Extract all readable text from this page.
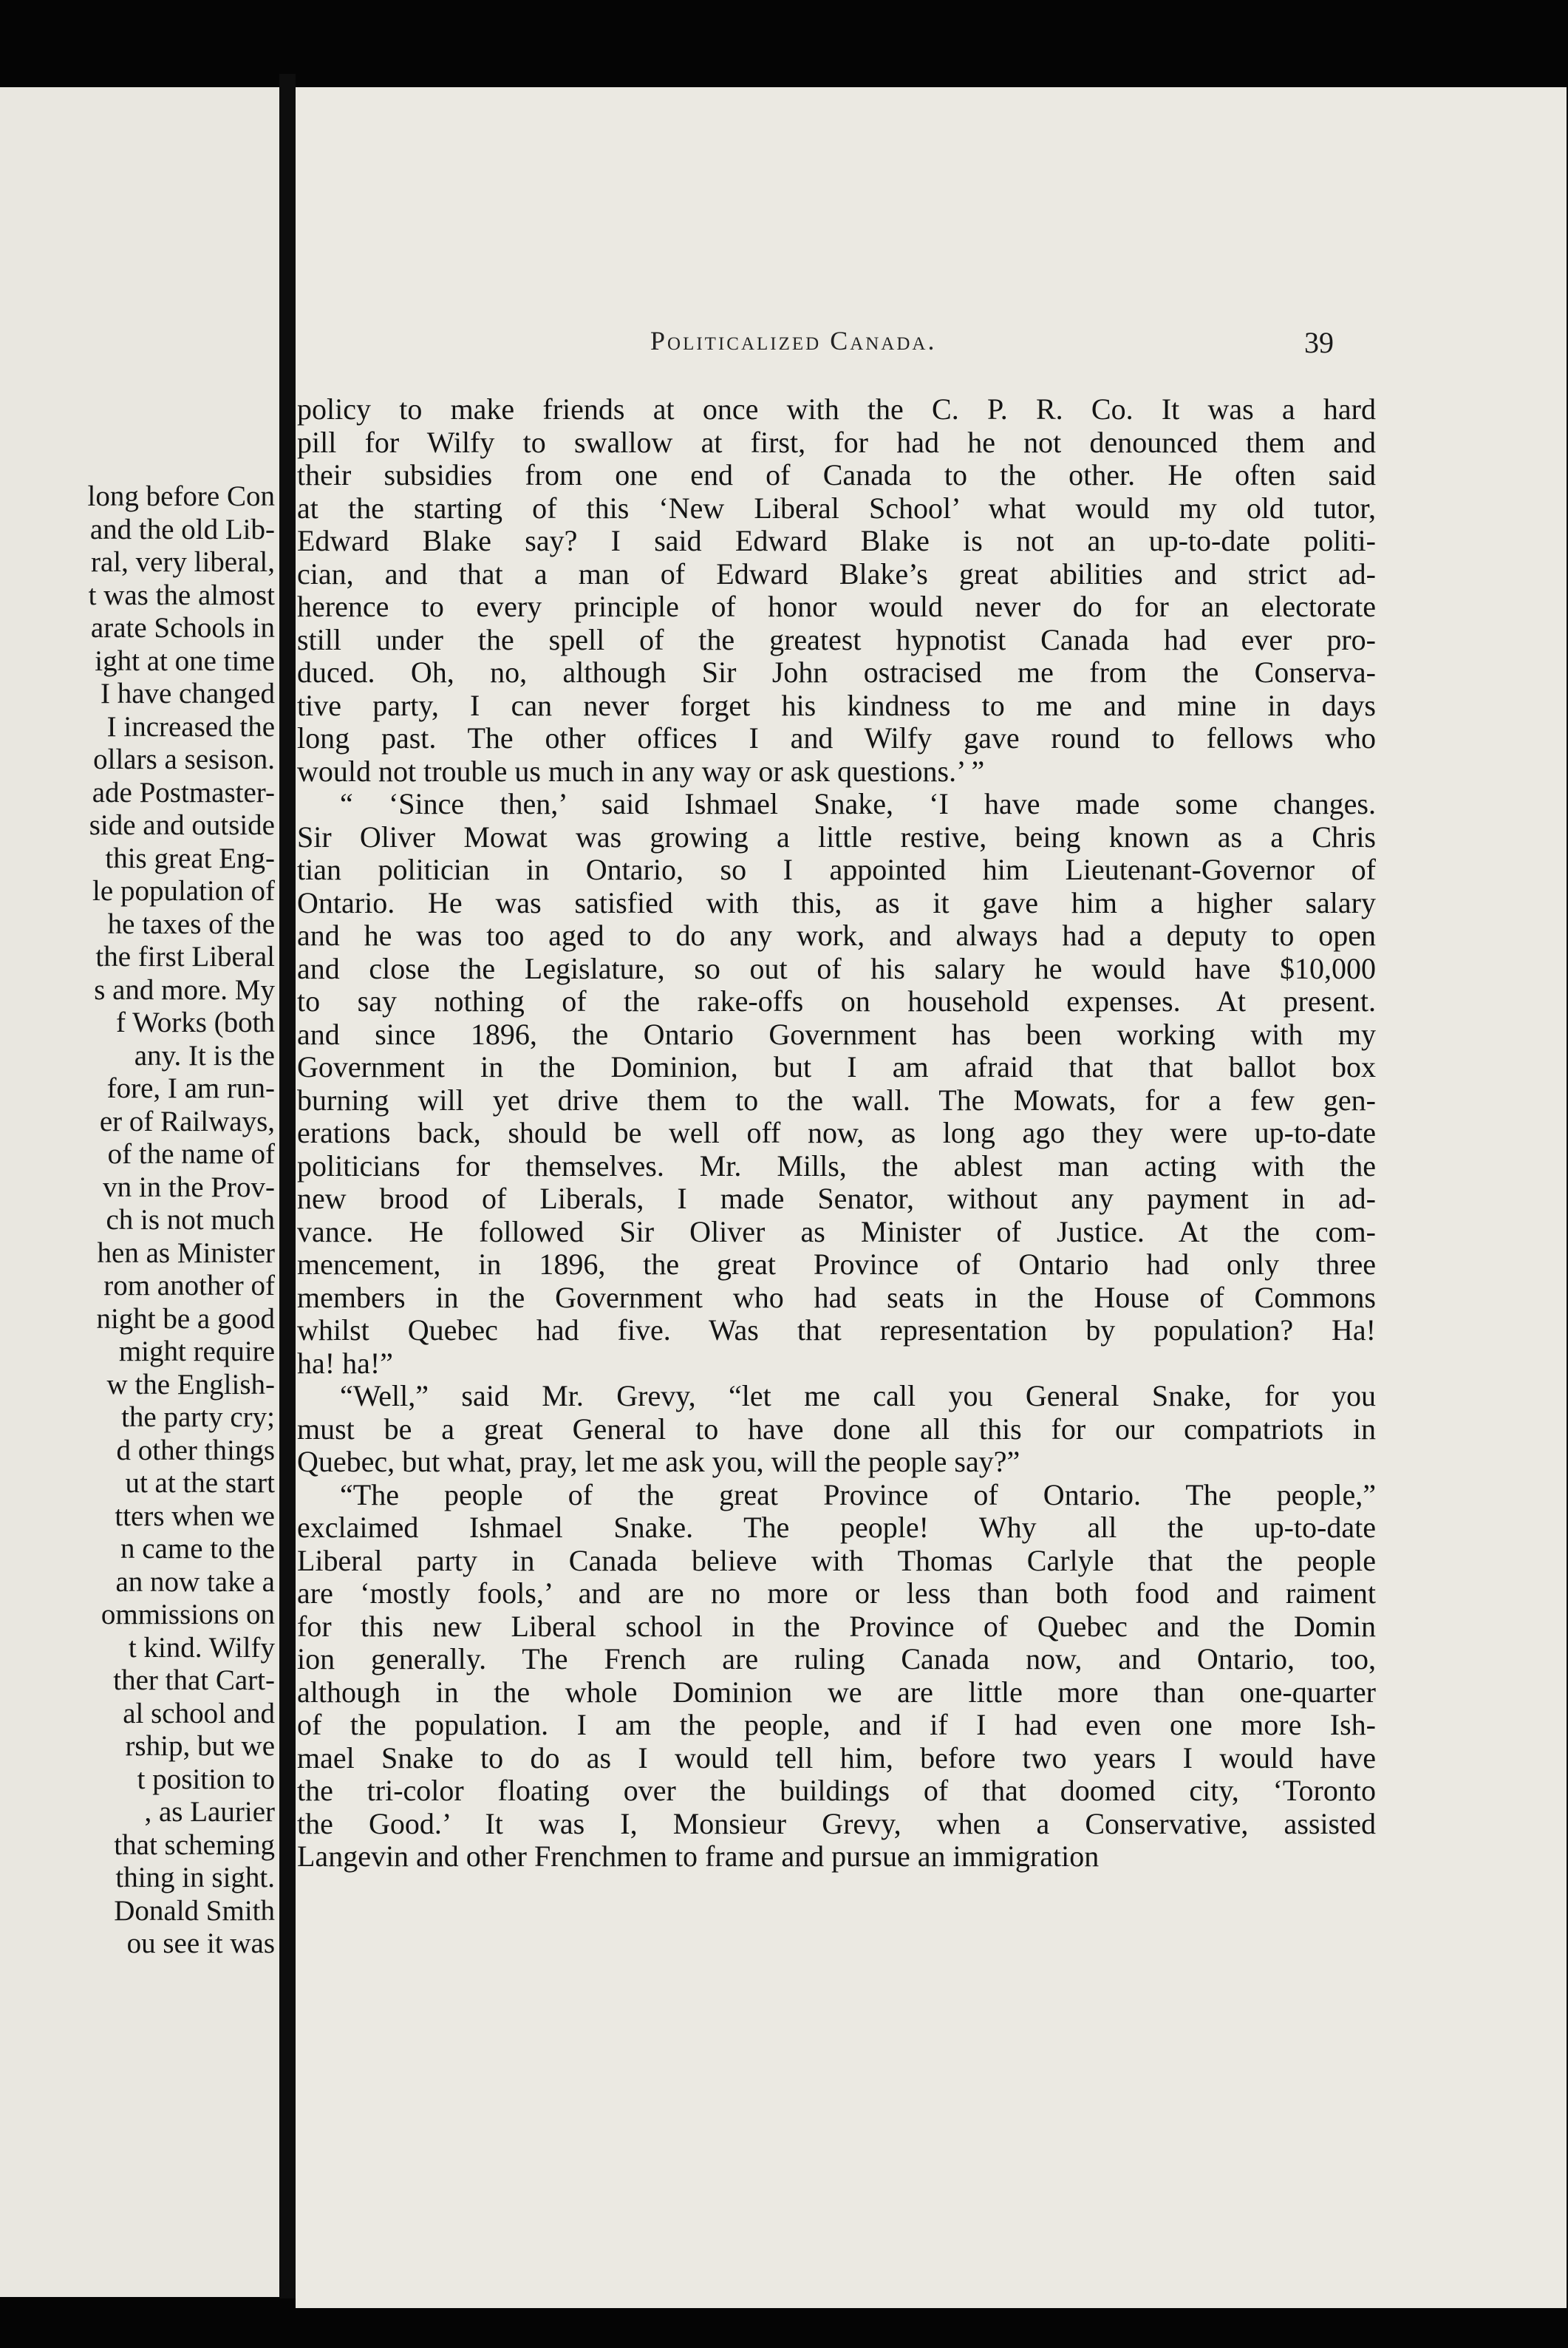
long before Con
and the old Lib-
ral, very liberal,
t was the almost
arate Schools in
ight at one time
I have changed
I increased the
ollars a sesison.
ade Postmaster-
side and outside
this great Eng-
le population of
he taxes of the
the first Liberal
s and more. My
f Works (both
any. It is the
fore, I am run-
er of Railways,
of the name of
vn in the Prov-
ch is not much
hen as Minister
rom another of
night be a good
might require
w the English-
the party cry;
d other things
ut at the start
tters when we
n came to the
an now take a
ommissions on
t kind. Wilfy
ther that Cart-
al school and
rship, but we
t position to
, as Laurier
that scheming
thing in sight.
Donald Smith
ou see it was
Politicalized Canada.	39
policy to make friends at once with the C. P. R. Co. It was a hard
pill for Wilfy to swallow at first, for had he not denounced them and
their subsidies from one end of Canada to the other. He often said
at the starting of this ‘New Liberal School’ what would my old tutor,
Edward Blake say? I said Edward Blake is not an up-to-date politi-
cian, and that a man of Edward Blake’s great abilities and strict ad-
herence to every principle of honor would never do for an electorate
still under the spell of the greatest hypnotist Canada had ever pro-
duced. Oh, no, although Sir John ostracised me from the Conserva-
tive party, I can never forget his kindness to me and mine in days
long past. The other offices I and Wilfy gave round to fellows who
would not trouble us much in any way or ask questions.’ ”
“ ‘Since then,’ said Ishmael Snake, ‘I have made some changes.
Sir Oliver Mowat was growing a little restive, being known as a Chris
tian politician in Ontario, so I appointed him Lieutenant-Governor of
Ontario. He was satisfied with this, as it gave him a higher salary
and he was too aged to do any work, and always had a deputy to open
and close the Legislature, so out of his salary he would have $10,000
to say nothing of the rake-offs on household expenses. At present.
and since 1896, the Ontario Government has been working with my
Government in the Dominion, but I am afraid that that ballot box
burning will yet drive them to the wall. The Mowats, for a few gen-
erations back, should be well off now, as long ago they were up-to-date
politicians for themselves. Mr. Mills, the ablest man acting with the
new brood of Liberals, I made Senator, without any payment in ad-
vance. He followed Sir Oliver as Minister of Justice. At the com-
mencement, in 1896, the great Province of Ontario had only three
members in the Government who had seats in the House of Commons
whilst Quebec had five. Was that representation by population? Ha!
ha! ha!”
“Well,” said Mr. Grevy, “let me call you General Snake, for you
must be a great General to have done all this for our compatriots in
Quebec, but what, pray, let me ask you, will the people say?”
“The people of the great Province of Ontario. The people,”
exclaimed Ishmael Snake. The people! Why all the up-to-date
Liberal party in Canada believe with Thomas Carlyle that the people
are ‘mostly fools,’ and are no more or less than both food and raiment
for this new Liberal school in the Province of Quebec and the Domin
ion generally. The French are ruling Canada now, and Ontario, too,
although in the whole Dominion we are little more than one-quarter
of the population. I am the people, and if I had even one more Ish-
mael Snake to do as I would tell him, before two years I would have
the tri-color floating over the buildings of that doomed city, ‘Toronto
the Good.’ It was I, Monsieur Grevy, when a Conservative, assisted
Langevin and other Frenchmen to frame and pursue an immigration
